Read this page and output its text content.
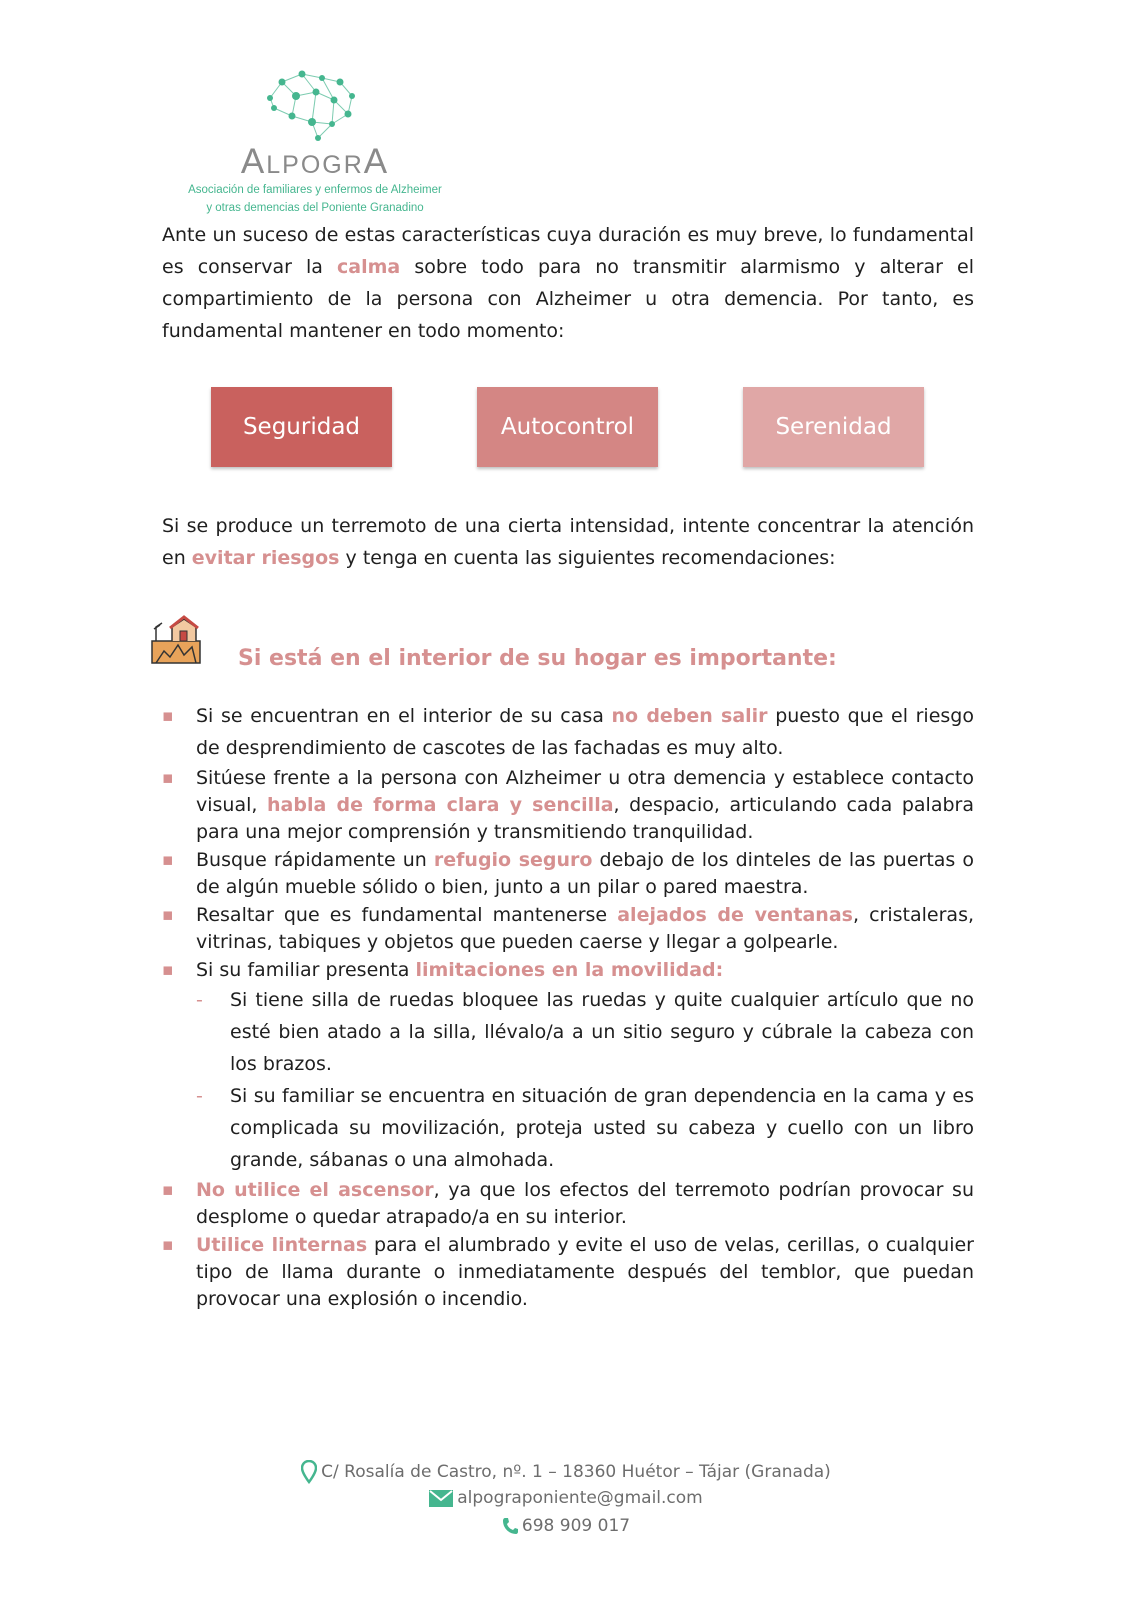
ALPOGRA
Asociación de familiares y enfermos de Alzheimer
y otras demencias del Poniente Granadino

Ante un suceso de estas características cuya duración es muy breve, lo fundamental es conservar la calma sobre todo para no transmitir alarmismo y alterar el compartimiento de la persona con Alzheimer u otra demencia. Por tanto, es fundamental mantener en todo momento:

Seguridad	Autocontrol	Serenidad

Si se produce un terremoto de una cierta intensidad, intente concentrar la atención en evitar riesgos y tenga en cuenta las siguientes recomendaciones:

Si está en el interior de su hogar es importante:
▪ Si se encuentran en el interior de su casa no deben salir puesto que el riesgo de desprendimiento de cascotes de las fachadas es muy alto.
▪ Sitúese frente a la persona con Alzheimer u otra demencia y establece contacto visual, habla de forma clara y sencilla, despacio, articulando cada palabra para una mejor comprensión y transmitiendo tranquilidad.
▪ Busque rápidamente un refugio seguro debajo de los dinteles de las puertas o de algún mueble sólido o bien, junto a un pilar o pared maestra.
▪ Resaltar que es fundamental mantenerse alejados de ventanas, cristaleras, vitrinas, tabiques y objetos que pueden caerse y llegar a golpearle.
▪ Si su familiar presenta limitaciones en la movilidad:
- Si tiene silla de ruedas bloquee las ruedas y quite cualquier artículo que no esté bien atado a la silla, llévalo/a a un sitio seguro y cúbrale la cabeza con los brazos.
- Si su familiar se encuentra en situación de gran dependencia en la cama y es complicada su movilización, proteja usted su cabeza y cuello con un libro grande, sábanas o una almohada.
▪ No utilice el ascensor, ya que los efectos del terremoto podrían provocar su desplome o quedar atrapado/a en su interior.
▪ Utilice linternas para el alumbrado y evite el uso de velas, cerillas, o cualquier tipo de llama durante o inmediatamente después del temblor, que puedan provocar una explosión o incendio.
C/ Rosalía de Castro, nº. 1 – 18360 Huétor – Tájar (Granada)
alpograponiente@gmail.com
698 909 017
